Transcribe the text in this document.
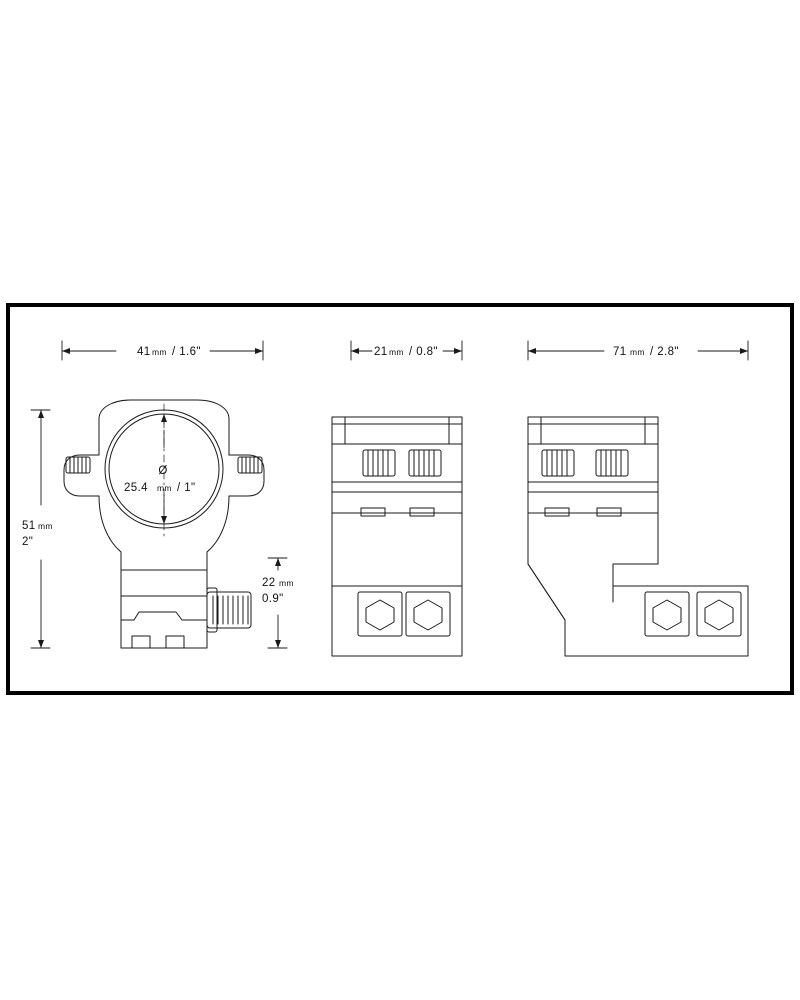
41 mm / 1.6"	21 mm / 0.8"	71 mm / 2.8"
51 mm
2"
Ø
25.4 mm / 1"
22 mm
0.9"
